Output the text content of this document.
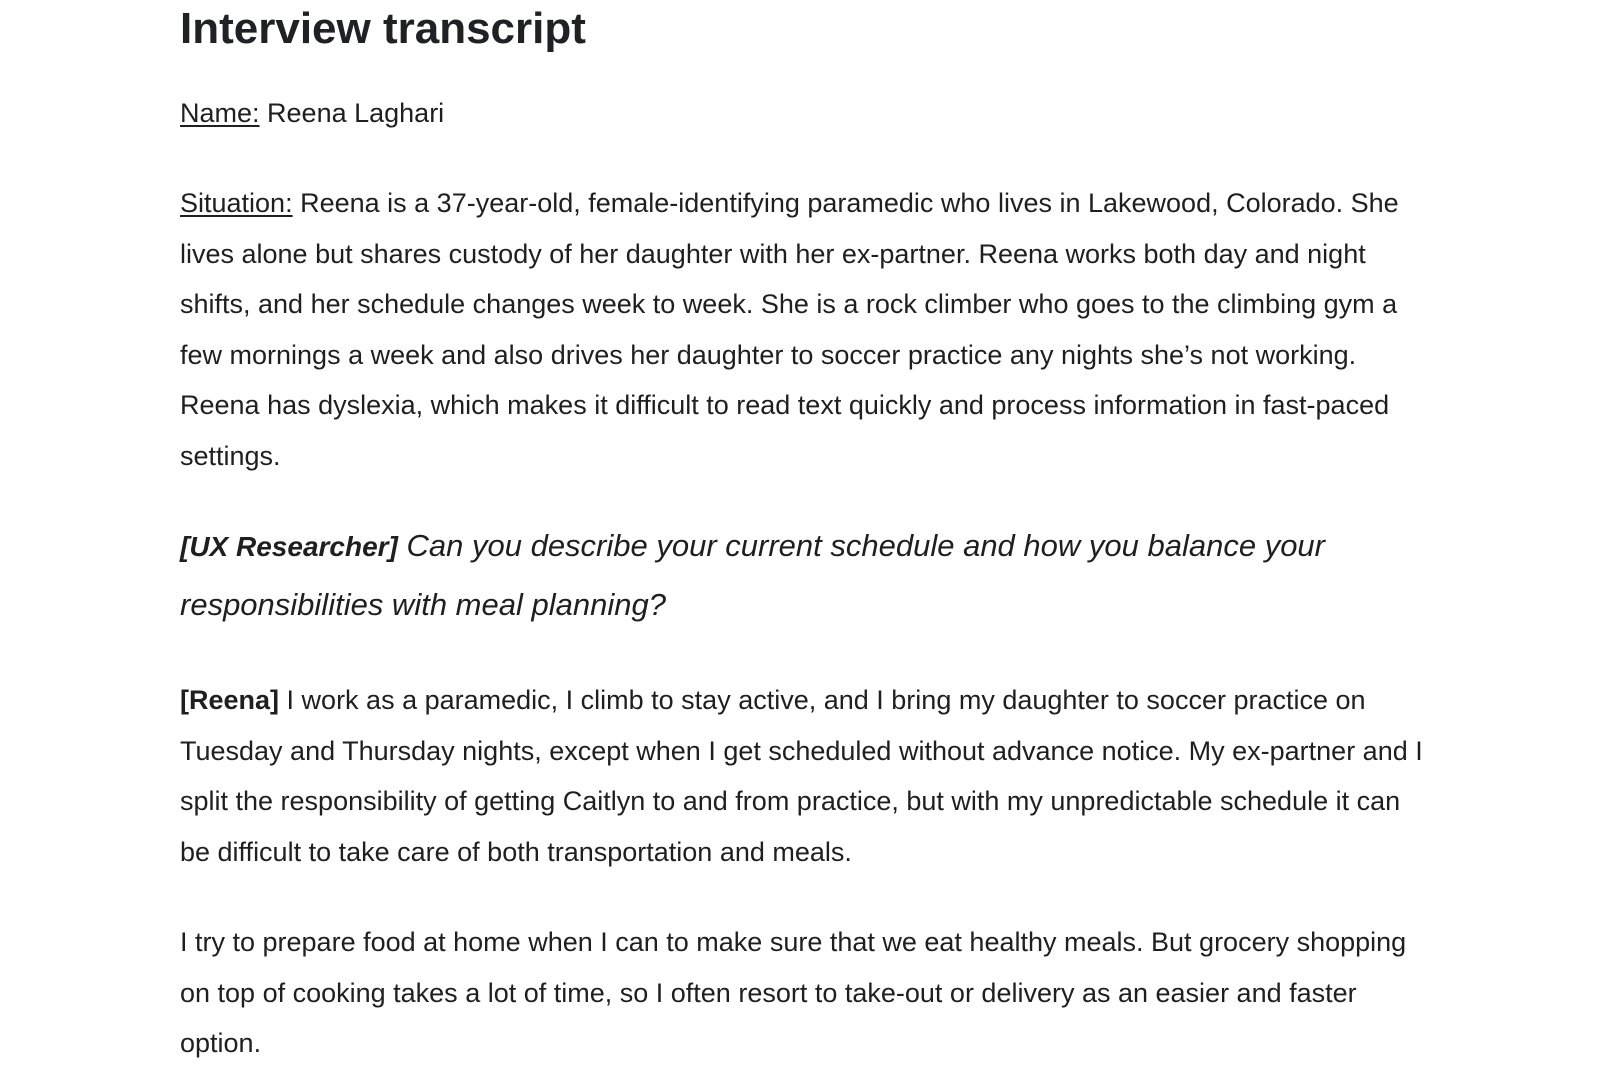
Interview transcript
Name: Reena Laghari

Situation: Reena is a 37-year-old, female-identifying paramedic who lives in Lakewood, Colorado. She lives alone but shares custody of her daughter with her ex-partner. Reena works both day and night shifts, and her schedule changes week to week. She is a rock climber who goes to the climbing gym a few mornings a week and also drives her daughter to soccer practice any nights she’s not working. Reena has dyslexia, which makes it difficult to read text quickly and process information in fast-paced settings.

[UX Researcher] Can you describe your current schedule and how you balance your responsibilities with meal planning?

[Reena] I work as a paramedic, I climb to stay active, and I bring my daughter to soccer practice on Tuesday and Thursday nights, except when I get scheduled without advance notice. My ex-partner and I split the responsibility of getting Caitlyn to and from practice, but with my unpredictable schedule it can be difficult to take care of both transportation and meals.

I try to prepare food at home when I can to make sure that we eat healthy meals. But grocery shopping on top of cooking takes a lot of time, so I often resort to take-out or delivery as an easier and faster option.
